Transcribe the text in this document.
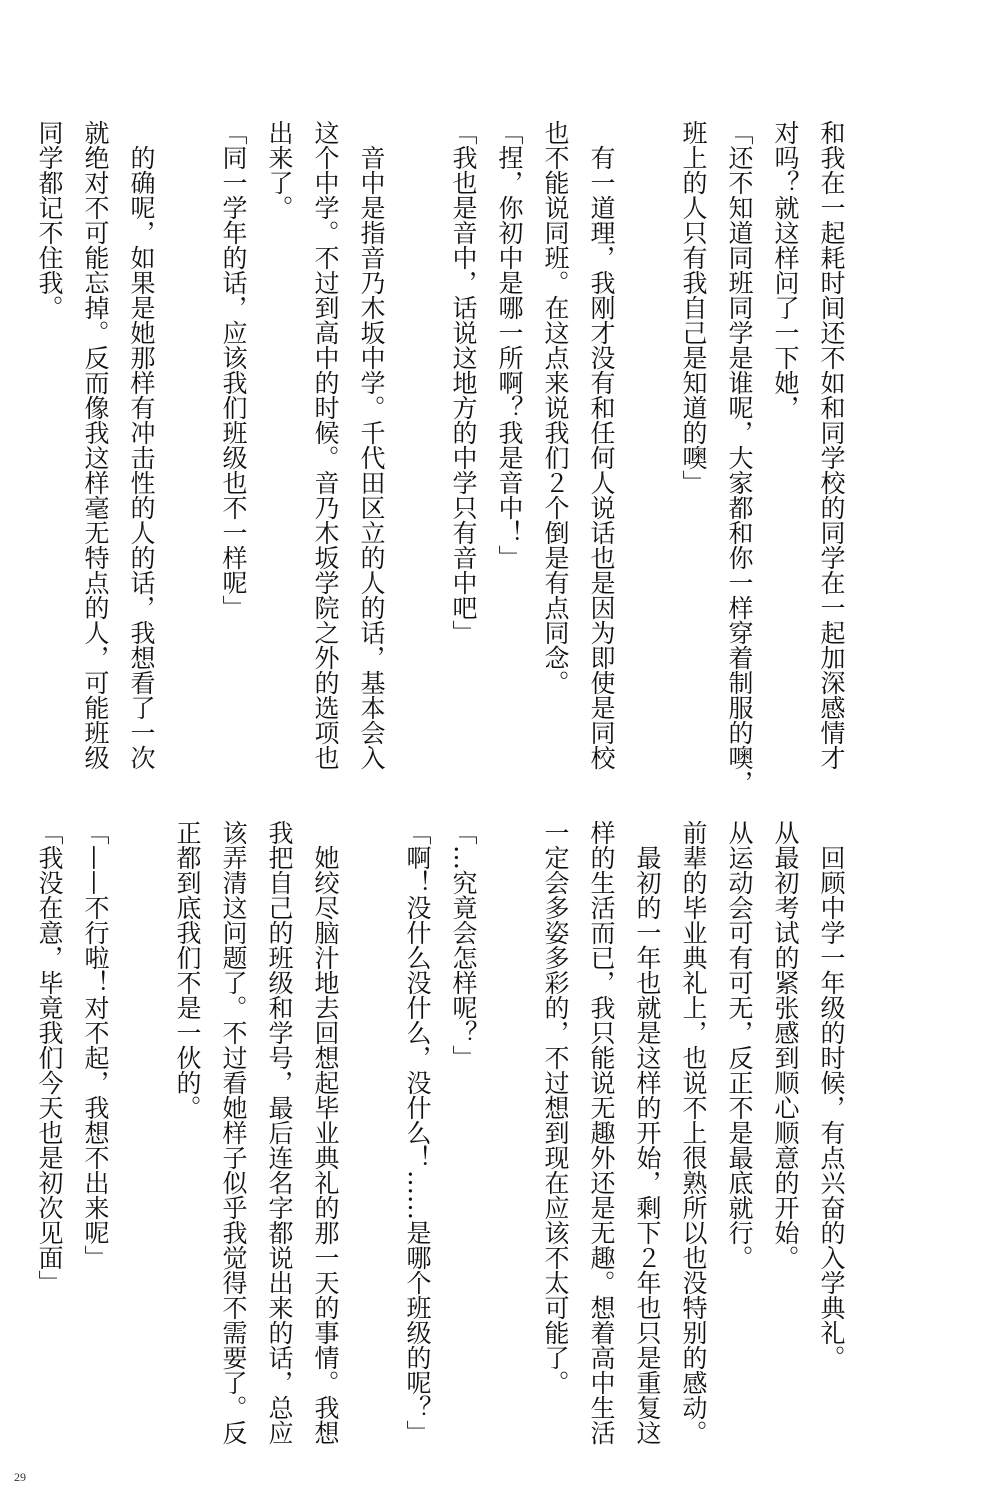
和我在一起耗时间还不如和同学校的同学在一起加深感情才
对吗？就这样问了一下她，
「还不知道同班同学是谁呢，大家都和你一样穿着制服的噢，
班上的人只有我自己是知道的噢」

有一道理，我刚才没有和任何人说话也是因为即使是同校
也不能说同班。在这点来说我们２个倒是有点同念。
「捏，你初中是哪一所啊？我是音中！」
「我也是音中，话说这地方的中学只有音中吧」

音中是指音乃木坂中学。千代田区立的人的话，基本会入
这个中学。不过到高中的时候。音乃木坂学院之外的选项也
出来了。
「同一学年的话，应该我们班级也不一样呢」

的确呢，如果是她那样有冲击性的人的话，我想看了一次
就绝对不可能忘掉。反而像我这样毫无特点的人，可能班级
同学都记不住我。

回顾中学一年级的时候，有点兴奋的入学典礼。
从最初考试的紧张感到顺心顺意的开始。
从运动会可有可无，反正不是最底就行。
前辈的毕业典礼上，也说不上很熟所以也没特别的感动。
最初的一年也就是这样的开始，剩下２年也只是重复这
样的生活而已，我只能说无趣外还是无趣。想着高中生活
一定会多姿多彩的，不过想到现在应该不太可能了。

「…究竟会怎样呢？」
「啊！没什么没什么，没什么！……是哪个班级的呢？」

她绞尽脑汁地去回想起毕业典礼的那一天的事情。我想
我把自己的班级和学号，最后连名字都说出来的话，总应
该弄清这问题了。不过看她样子似乎我觉得不需要了。反
正都到底我们不是一伙的。

「——不行啦！对不起，我想不出来呢」
「我没在意，毕竟我们今天也是初次见面」

29
